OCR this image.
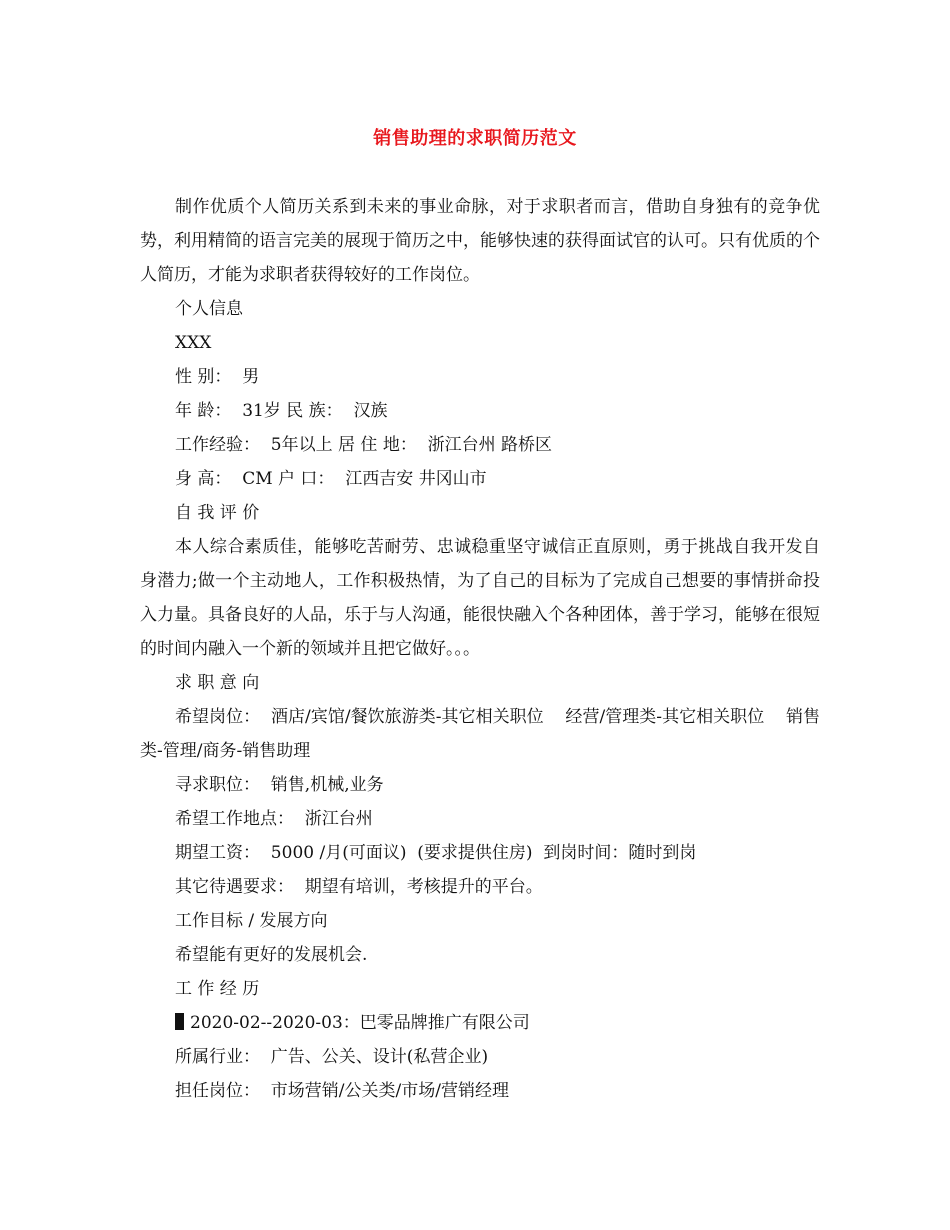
销售助理的求职简历范文

制作优质个人简历关系到未来的事业命脉，对于求职者而言，借助自身独有的竞争优势，利用精简的语言完美的展现于简历之中，能够快速的获得面试官的认可。只有优质的个人简历，才能为求职者获得较好的工作岗位。

个人信息

XXX

性 别：  男

年 龄：  31岁 民 族：  汉族

工作经验：  5年以上 居 住 地：  浙江台州 路桥区

身 高：  CM 户 口：  江西吉安 井冈山市

自 我 评 价

本人综合素质佳，能够吃苦耐劳、忠诚稳重坚守诚信正直原则，勇于挑战自我开发自身潜力;做一个主动地人，工作积极热情，为了自己的目标为了完成自己想要的事情拼命投入力量。具备良好的人品，乐于与人沟通，能很快融入个各种团体，善于学习，能够在很短的时间内融入一个新的领域并且把它做好。。。

求 职 意 向

希望岗位：  酒店/宾馆/餐饮旅游类-其它相关职位    经营/管理类-其它相关职位    销售类-管理/商务-销售助理

寻求职位：  销售,机械,业务

希望工作地点：  浙江台州

期望工资：  5000 /月(可面议)  (要求提供住房)  到岗时间：随时到岗

其它待遇要求：  期望有培训，考核提升的平台。

工作目标 / 发展方向

希望能有更好的发展机会.

工 作 经 历

2020-02--2020-03：巴零品牌推广有限公司

所属行业：  广告、公关、设计(私营企业)

担任岗位：  市场营销/公关类/市场/营销经理
